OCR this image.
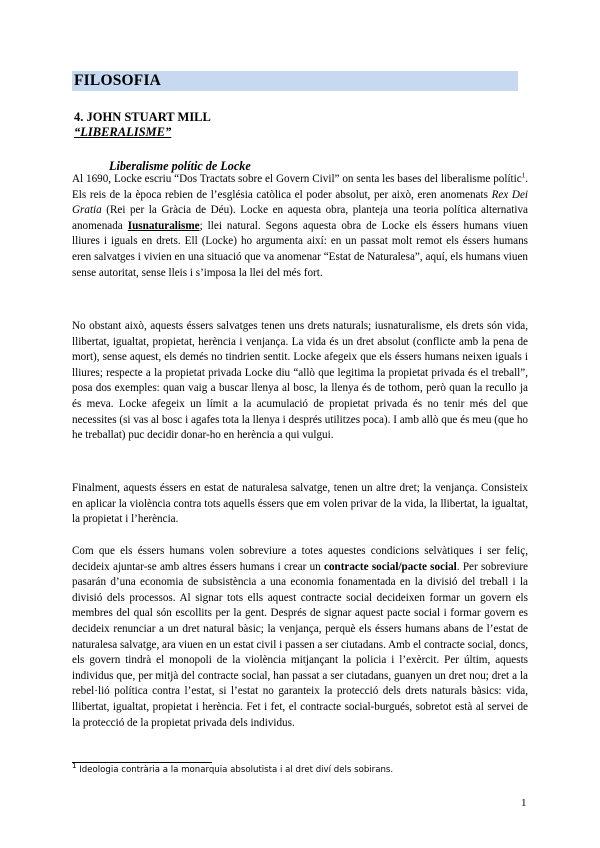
FILOSOFIA
4. JOHN STUART MILL
“LIBERALISME”
Liberalisme polític de Locke

Al 1690, Locke escriu “Dos Tractats sobre el Govern Civil” on senta les bases del liberalisme polític$^1$. Els reis de la època rebien de l’església catòlica el poder absolut, per això, eren anomenats Rex Dei Gratia (Rei per la Gràcia de Déu). Locke en aquesta obra, planteja una teoria política alternativa anomenada Iusnaturalisme; llei natural. Segons aquesta obra de Locke els éssers humans viuen lliures i iguals en drets. Ell (Locke) ho argumenta així: en un passat molt remot els éssers humans eren salvatges i vivien en una situació que va anomenar “Estat de Naturalesa”, aquí, els humans viuen sense autoritat, sense lleis i s’imposa la llei del més fort.

No obstant això, aquests éssers salvatges tenen uns drets naturals; iusnaturalisme, els drets són vida, llibertat, igualtat, propietat, herència i venjança. La vida és un dret absolut (conflicte amb la pena de mort), sense aquest, els demés no tindrien sentit. Locke afegeix que els éssers humans neixen iguals i lliures; respecte a la propietat privada Locke diu “allò que legitima la propietat privada és el treball”, posa dos exemples: quan vaig a buscar llenya al bosc, la llenya és de tothom, però quan la recullo ja és meva. Locke afegeix un límit a la acumulació de propietat privada és no tenir més del que necessites (si vas al bosc i agafes tota la llenya i després utilitzes poca). I amb allò que és meu (que ho he treballat) puc decidir donar-ho en herència a qui vulgui.

Finalment, aquests éssers en estat de naturalesa salvatge, tenen un altre dret; la venjança. Consisteix en aplicar la violència contra tots aquells éssers que em volen privar de la vida, la llibertat, la igualtat, la propietat i l’herència.

Com que els éssers humans volen sobreviure a totes aquestes condicions selvàtiques i ser feliç, decideix ajuntar-se amb altres éssers humans i crear un contracte social/pacte social. Per sobreviure pasarán d’una economia de subsistència a una economia fonamentada en la divisió del treball i la divisió dels processos. Al signar tots ells aquest contracte social decideixen formar un govern els membres del qual són escollits per la gent. Després de signar aquest pacte social i formar govern es decideix renunciar a un dret natural bàsic; la venjança, perquè els éssers humans abans de l’estat de naturalesa salvatge, ara viuen en un estat civil i passen a ser ciutadans. Amb el contracte social, doncs, els govern tindrà el monopoli de la violència mitjançant la policia i l’exèrcit. Per últim, aquests individus que, per mitjà del contracte social, han passat a ser ciutadans, guanyen un dret nou; dret a la rebel·lió política contra l’estat, si l’estat no garanteix la protecció dels drets naturals bàsics: vida, llibertat, igualtat, propietat i herència. Fet i fet, el contracte social-burgués, sobretot està al servei de la protecció de la propietat privada dels individus.

$^1$ Ideologia contrària a la monarquia absolutista i al dret diví dels sobirans.
1
